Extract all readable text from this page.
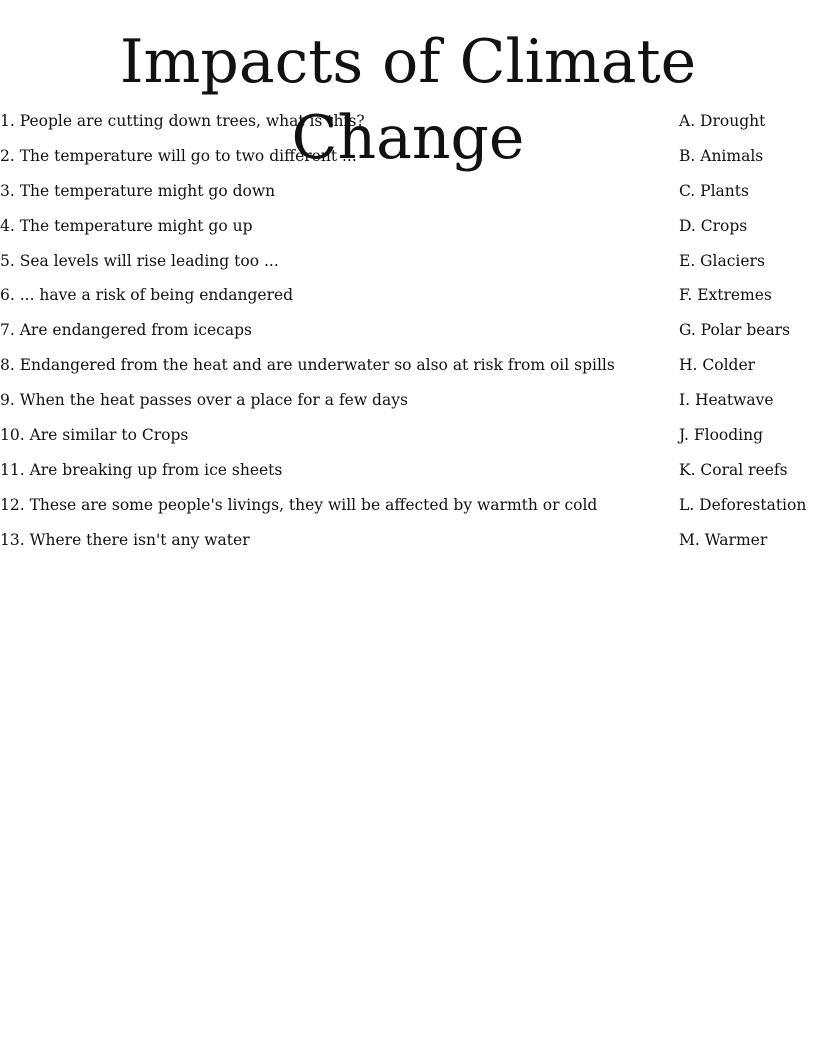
Impacts of Climate Change
1. People are cutting down trees, what is this?	A. Drought
2. The temperature will go to two different ...	B. Animals
3. The temperature might go down	C. Plants
4. The temperature might go up	D. Crops
5. Sea levels will rise leading too ...	E. Glaciers
6. ... have a risk of being endangered	F. Extremes
7. Are endangered from icecaps	G. Polar bears
8. Endangered from the heat and are underwater so also at risk from oil spills	H. Colder
9. When the heat passes over a place for a few days	I. Heatwave
10. Are similar to Crops	J. Flooding
11. Are breaking up from ice sheets	K. Coral reefs
12. These are some people's livings, they will be affected by warmth or cold	L. Deforestation
13. Where there isn't any water	M. Warmer
